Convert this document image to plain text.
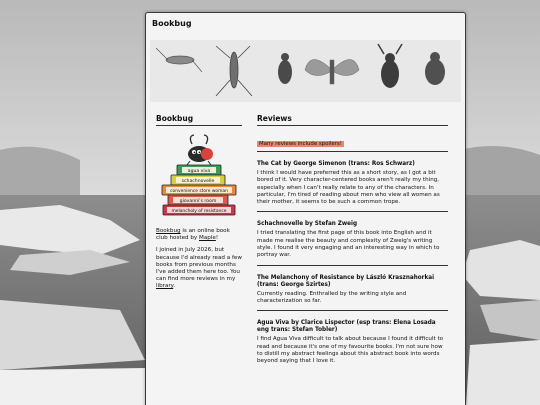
Bookbug
Bookbug
agua viva
schachnovelle
convenience store woman
giovanni's room
melancholy of resistance

Bookbug is an online book club hosted by Maple!

I joined in July 2026, but because I'd already read a few books from previous months I've added them here too. You can find more reviews in my library.

Reviews
Many reviews include spoilers!
The Cat by George Simenon (trans: Ros Schwarz)
I think I would have preferred this as a short story, as I got a bit bored of it. Very character-centered books aren't really my thing, especially when I can't really relate to any of the characters. In particular, I'm tired of reading about men who view all women as their mother, it seems to be such a common trope.
Schachnovelle by Stefan Zweig
I tried translating the first page of this book into English and it made me realise the beauty and complexity of Zweig's writing style. I found it very engaging and an interesting way in which to portray war.
The Melanchony of Resistance by László Krasznahorkai (trans: George Szirtes)
Currently reading. Enthralled by the writing style and characterization so far.
Agua Viva by Clarice Lispector (esp trans: Elena Losada eng trans: Stefan Tobler)
I find Agua Viva difficult to talk about because I found it difficult to read and because it's one of my favourite books. I'm not sure how to distill my abstract feelings about this abstract book into words beyond saying that I love it.
